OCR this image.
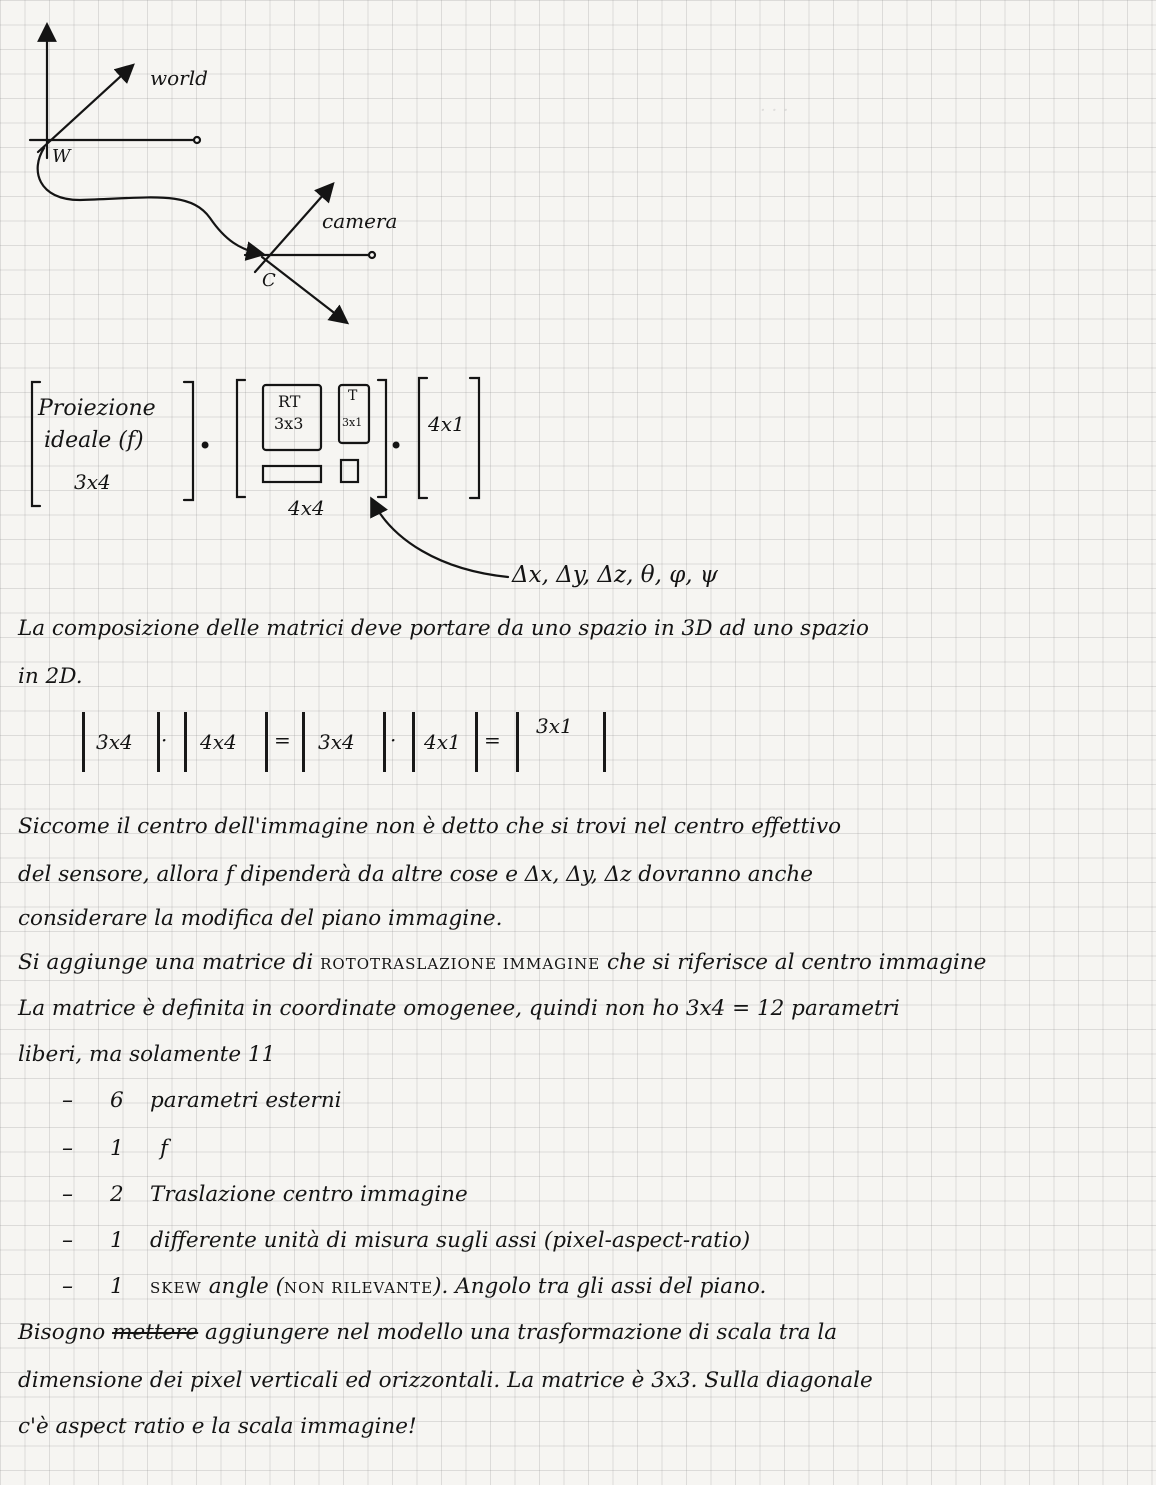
· · ·
world
W
camera
C
Proiezione
ideale (f)
3x4
•
RT
3x3
T
3x1
4x4
•
4x1
Δx, Δy, Δz, θ, φ, ψ
La composizione delle matrici deve portare da uno spazio in 3D ad uno spazio
in 2D.
3x4 · 4x4 = 3x4 · 4x1 =
3x1
Siccome il centro dell'immagine non è detto che si trovi nel centro effettivo
del sensore, allora f dipenderà da altre cose e Δx, Δy, Δz dovranno anche
considerare la modifica del piano immagine.
Si aggiunge una matrice di ROTOTRASLAZIONE IMMAGINE che si riferisce al centro immagine
La matrice è definita in coordinate omogenee, quindi non ho 3x4 = 12 parametri
liberi, ma solamente 11
– 6 parametri esterni
– 1 f
– 2 Traslazione centro immagine
– 1 differente unità di misura sugli assi (pixel-aspect-ratio)
– 1 SKEW angle (NON RILEVANTE). Angolo tra gli assi del piano.
Bisogno mettere aggiungere nel modello una trasformazione di scala tra la
dimensione dei pixel verticali ed orizzontali. La matrice è 3x3. Sulla diagonale
c'è aspect ratio e la scala immagine!
